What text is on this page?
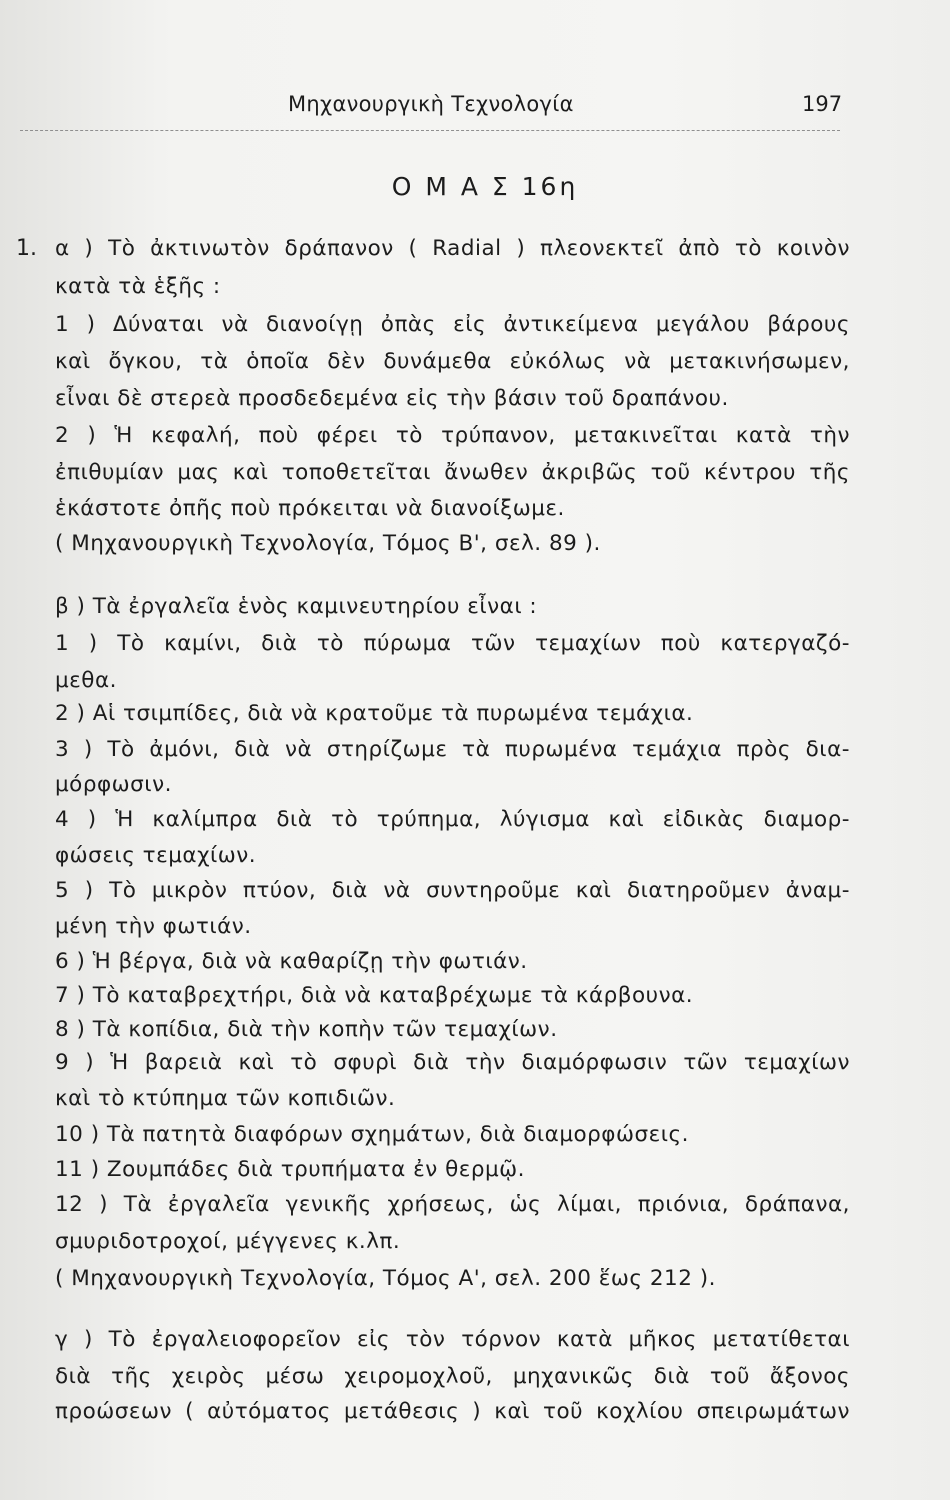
Μηχανουργικὴ Τεχνολογία	197
Ο Μ Α Σ 16η
1. α ) Τὸ ἀκτινωτὸν δράπανον ( Radial ) πλεονεκτεῖ ἀπὸ τὸ κοινὸν
κατὰ τὰ ἑξῆς :
1 ) Δύναται νὰ διανοίγῃ ὀπὰς εἰς ἀντικείμενα μεγάλου βάρους
καὶ ὄγκου, τὰ ὁποῖα δὲν δυνάμεθα εὐκόλως νὰ μετακινήσωμεν,
εἶναι δὲ στερεὰ προσδεδεμένα εἰς τὴν βάσιν τοῦ δραπάνου.
2 ) Ἡ κεφαλή, ποὺ φέρει τὸ τρύπανον, μετακινεῖται κατὰ τὴν
ἐπιθυμίαν μας καὶ τοποθετεῖται ἄνωθεν ἀκριβῶς τοῦ κέντρου τῆς
ἑκάστοτε ὀπῆς ποὺ πρόκειται νὰ διανοίξωμε.
( Μηχανουργικὴ Τεχνολογία, Τόμος Β', σελ. 89 ).
β ) Τὰ ἐργαλεῖα ἑνὸς καμινευτηρίου εἶναι :
1 ) Τὸ καμίνι, διὰ τὸ πύρωμα τῶν τεμαχίων ποὺ κατεργαζό-
μεθα.
2 ) Αἱ τσιμπίδες, διὰ νὰ κρατοῦμε τὰ πυρωμένα τεμάχια.
3 ) Τὸ ἀμόνι, διὰ νὰ στηρίζωμε τὰ πυρωμένα τεμάχια πρὸς δια-
μόρφωσιν.
4 ) Ἡ καλίμπρα διὰ τὸ τρύπημα, λύγισμα καὶ εἰδικὰς διαμορ-
φώσεις τεμαχίων.
5 ) Τὸ μικρὸν πτύον, διὰ νὰ συντηροῦμε καὶ διατηροῦμεν ἀναμ-
μένη τὴν φωτιάν.
6 ) Ἡ βέργα, διὰ νὰ καθαρίζῃ τὴν φωτιάν.
7 ) Τὸ καταβρεχτήρι, διὰ νὰ καταβρέχωμε τὰ κάρβουνα.
8 ) Τὰ κοπίδια, διὰ τὴν κοπὴν τῶν τεμαχίων.
9 ) Ἡ βαρειὰ καὶ τὸ σφυρὶ διὰ τὴν διαμόρφωσιν τῶν τεμαχίων
καὶ τὸ κτύπημα τῶν κοπιδιῶν.
10 ) Τὰ πατητὰ διαφόρων σχημάτων, διὰ διαμορφώσεις.
11 ) Ζουμπάδες διὰ τρυπήματα ἐν θερμῷ.
12 ) Τὰ ἐργαλεῖα γενικῆς χρήσεως, ὡς λίμαι, πριόνια, δράπανα,
σμυριδοτροχοί, μέγγενες κ.λπ.
( Μηχανουργικὴ Τεχνολογία, Τόμος Α', σελ. 200 ἕως 212 ).
γ ) Τὸ ἐργαλειοφορεῖον εἰς τὸν τόρνον κατὰ μῆκος μετατίθεται
διὰ τῆς χειρὸς μέσω χειρομοχλοῦ, μηχανικῶς διὰ τοῦ ἄξονος
προώσεων ( αὐτόματος μετάθεσις ) καὶ τοῦ κοχλίου σπειρωμάτων
